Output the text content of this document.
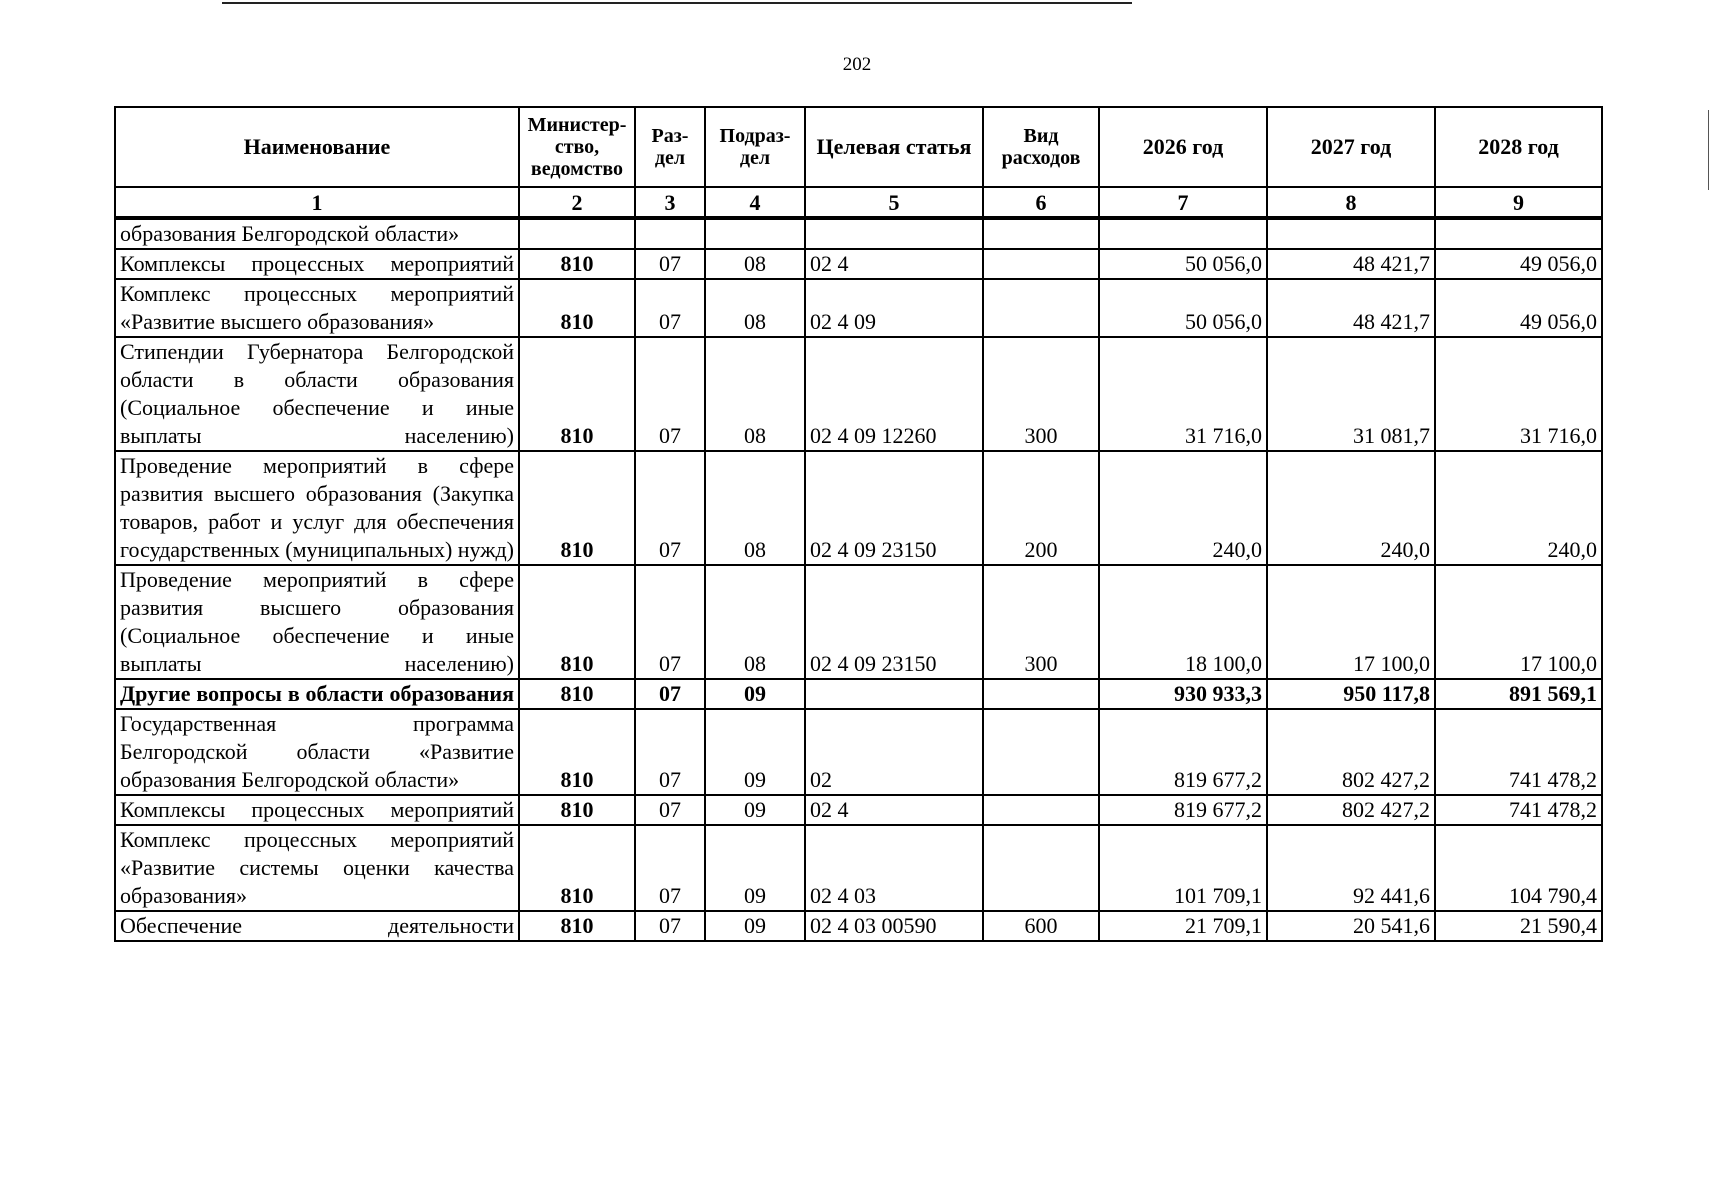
202
Наименование	Министер-ство, ведомство	Раз-дел	Подраз-дел	Целевая статья	Вид расходов	2026 год	2027 год	2028 год
1	2	3	4	5	6	7	8	9
образования Белгородской области»								
Комплексы процессных мероприятий	810	07	08	02 4		50 056,0	48 421,7	49 056,0
Комплекс процессных мероприятий «Развитие высшего образования»	810	07	08	02 4 09		50 056,0	48 421,7	49 056,0
Стипендии Губернатора Белгородской области в области образования (Социальное обеспечение и иные выплаты населению)	810	07	08	02 4 09 12260	300	31 716,0	31 081,7	31 716,0
Проведение мероприятий в сфере развития высшего образования (Закупка товаров, работ и услуг для обеспечения государственных (муниципальных) нужд)	810	07	08	02 4 09 23150	200	240,0	240,0	240,0
Проведение мероприятий в сфере развития высшего образования (Социальное обеспечение и иные выплаты населению)	810	07	08	02 4 09 23150	300	18 100,0	17 100,0	17 100,0
Другие вопросы в области образования	810	07	09			930 933,3	950 117,8	891 569,1
Государственная программа Белгородской области «Развитие образования Белгородской области»	810	07	09	02		819 677,2	802 427,2	741 478,2
Комплексы процессных мероприятий	810	07	09	02 4		819 677,2	802 427,2	741 478,2
Комплекс процессных мероприятий «Развитие системы оценки качества образования»	810	07	09	02 4 03		101 709,1	92 441,6	104 790,4
Обеспечение деятельности	810	07	09	02 4 03 00590	600	21 709,1	20 541,6	21 590,4
